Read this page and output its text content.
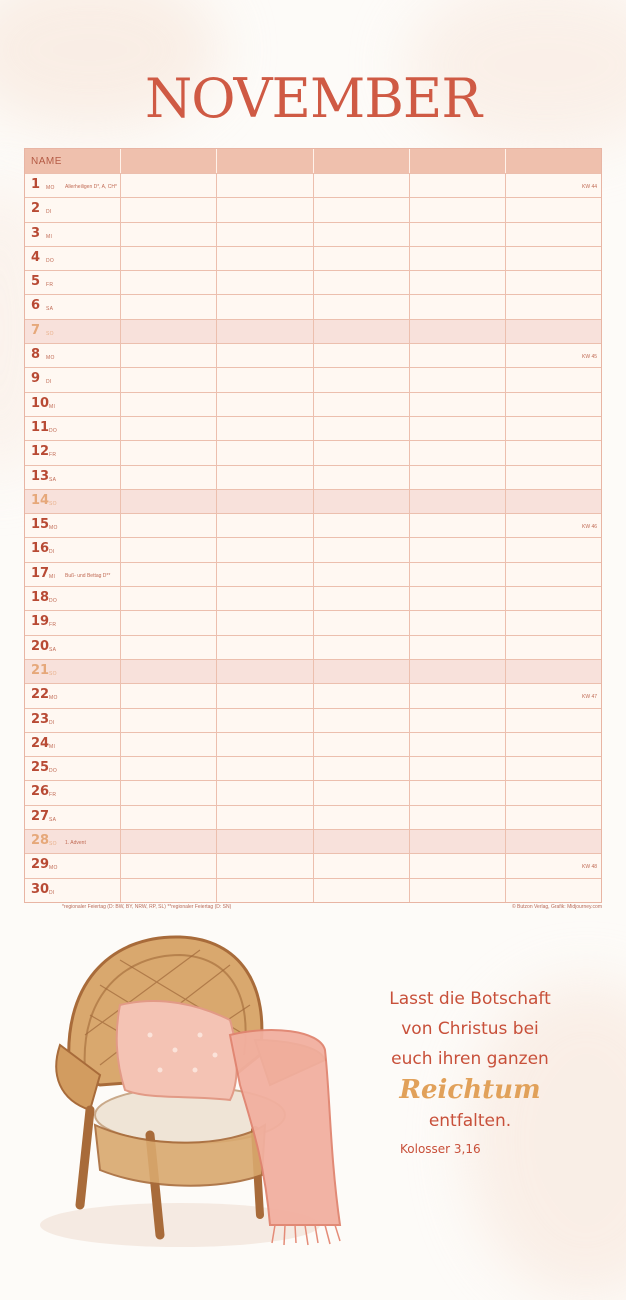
NOVEMBER
NAME
1 MO Allerheiligen D*, A, CH*	KW 44
2 DI
3 MI
4 DO
5 FR
6 SA
7 SO
8 MO	KW 45
9 DI
10 MI
11 DO
12 FR
13 SA
14 SO
15 MO	KW 46
16 DI
17 MI Buß- und Bettag D**
18 DO
19 FR
20 SA
21 SO
22 MO	KW 47
23 DI
24 MI
25 DO
26 FR
27 SA
28 SO 1. Advent
29 MO	KW 48
30 DI
*regionaler Feiertag (D: BW, BY, NRW, RP, SL) **regionaler Feiertag (D: SN)	© Butzon Verlag, Grafik: Midjourney.com
Lasst die Botschaft
von Christus bei
euch ihren ganzen
Reichtum
entfalten.
Kolosser 3,16
